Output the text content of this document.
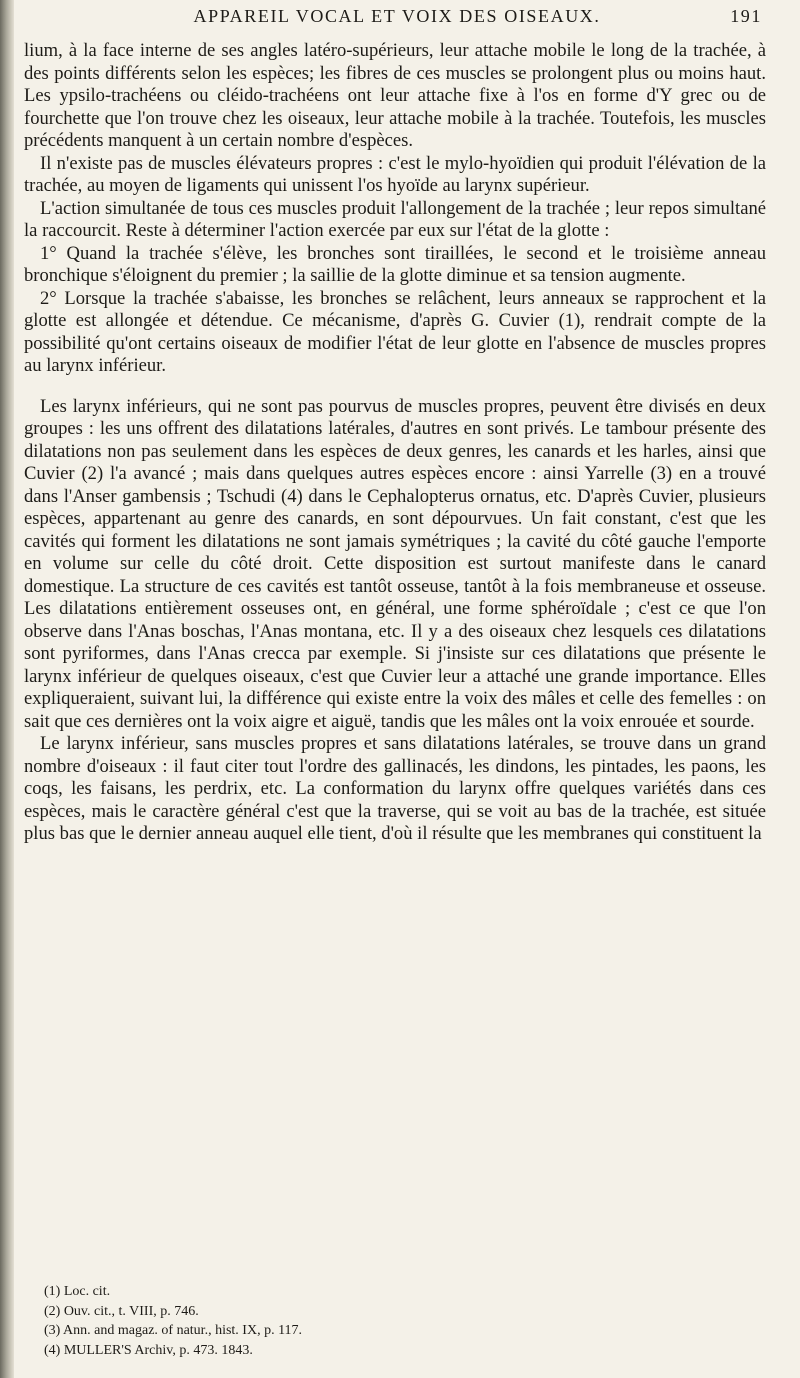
APPAREIL VOCAL ET VOIX DES OISEAUX.	191

lium, à la face interne de ses angles latéro-supérieurs, leur attache mobile le long de la trachée, à des points différents selon les espèces; les fibres de ces muscles se prolongent plus ou moins haut. Les ypsilo-trachéens ou cléido-trachéens ont leur attache fixe à l'os en forme d'Y grec ou de fourchette que l'on trouve chez les oiseaux, leur attache mobile à la trachée. Toutefois, les muscles précédents manquent à un certain nombre d'espèces.

Il n'existe pas de muscles élévateurs propres : c'est le mylo-hyoïdien qui produit l'élévation de la trachée, au moyen de ligaments qui unissent l'os hyoïde au larynx supérieur.

L'action simultanée de tous ces muscles produit l'allongement de la trachée ; leur repos simultané la raccourcit. Reste à déterminer l'action exercée par eux sur l'état de la glotte :

1° Quand la trachée s'élève, les bronches sont tiraillées, le second et le troisième anneau bronchique s'éloignent du premier ; la saillie de la glotte diminue et sa tension augmente.

2° Lorsque la trachée s'abaisse, les bronches se relâchent, leurs anneaux se rapprochent et la glotte est allongée et détendue. Ce mécanisme, d'après G. Cuvier (1), rendrait compte de la possibilité qu'ont certains oiseaux de modifier l'état de leur glotte en l'absence de muscles propres au larynx inférieur.

Les larynx inférieurs, qui ne sont pas pourvus de muscles propres, peuvent être divisés en deux groupes : les uns offrent des dilatations latérales, d'autres en sont privés. Le tambour présente des dilatations non pas seulement dans les espèces de deux genres, les canards et les harles, ainsi que Cuvier (2) l'a avancé ; mais dans quelques autres espèces encore : ainsi Yarrelle (3) en a trouvé dans l'Anser gambensis ; Tschudi (4) dans le Cephalopterus ornatus, etc. D'après Cuvier, plusieurs espèces, appartenant au genre des canards, en sont dépourvues. Un fait constant, c'est que les cavités qui forment les dilatations ne sont jamais symétriques ; la cavité du côté gauche l'emporte en volume sur celle du côté droit. Cette disposition est surtout manifeste dans le canard domestique. La structure de ces cavités est tantôt osseuse, tantôt à la fois membraneuse et osseuse. Les dilatations entièrement osseuses ont, en général, une forme sphéroïdale ; c'est ce que l'on observe dans l'Anas boschas, l'Anas montana, etc. Il y a des oiseaux chez lesquels ces dilatations sont pyriformes, dans l'Anas crecca par exemple. Si j'insiste sur ces dilatations que présente le larynx inférieur de quelques oiseaux, c'est que Cuvier leur a attaché une grande importance. Elles expliqueraient, suivant lui, la différence qui existe entre la voix des mâles et celle des femelles : on sait que ces dernières ont la voix aigre et aiguë, tandis que les mâles ont la voix enrouée et sourde.

Le larynx inférieur, sans muscles propres et sans dilatations latérales, se trouve dans un grand nombre d'oiseaux : il faut citer tout l'ordre des gallinacés, les dindons, les pintades, les paons, les coqs, les faisans, les perdrix, etc. La conformation du larynx offre quelques variétés dans ces espèces, mais le caractère général c'est que la traverse, qui se voit au bas de la trachée, est située plus bas que le dernier anneau auquel elle tient, d'où il résulte que les membranes qui constituent la

(1) Loc. cit.
(2) Ouv. cit., t. VIII, p. 746.
(3) Ann. and magaz. of natur., hist. IX, p. 117.
(4) MULLER'S Archiv, p. 473. 1843.
